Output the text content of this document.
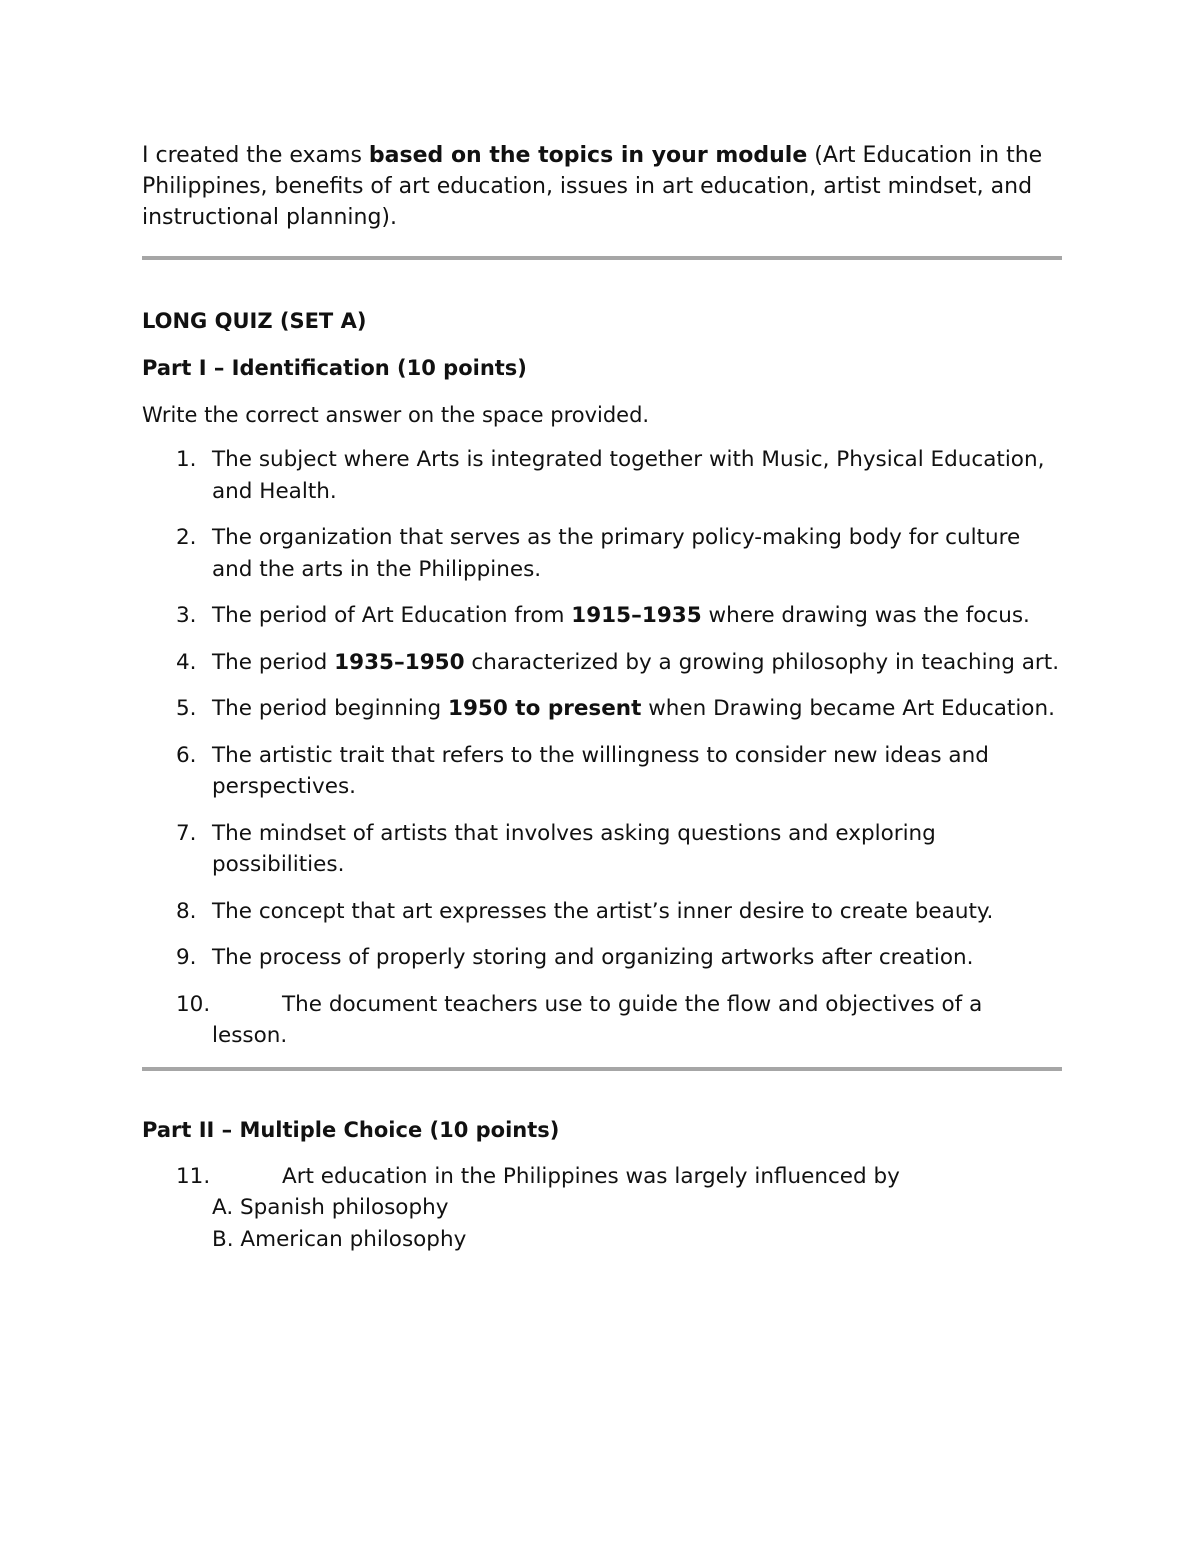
I created the exams based on the topics in your module (Art Education in the Philippines, benefits of art education, issues in art education, artist mindset, and instructional planning).

LONG QUIZ (SET A)
Part I – Identification (10 points)
Write the correct answer on the space provided.
1. The subject where Arts is integrated together with Music, Physical Education, and Health.
2. The organization that serves as the primary policy-making body for culture and the arts in the Philippines.
3. The period of Art Education from 1915–1935 where drawing was the focus.
4. The period 1935–1950 characterized by a growing philosophy in teaching art.
5. The period beginning 1950 to present when Drawing became Art Education.
6. The artistic trait that refers to the willingness to consider new ideas and perspectives.
7. The mindset of artists that involves asking questions and exploring possibilities.
8. The concept that art expresses the artist’s inner desire to create beauty.
9. The process of properly storing and organizing artworks after creation.
10.	The document teachers use to guide the flow and objectives of a lesson.
Part II – Multiple Choice (10 points)
11.	Art education in the Philippines was largely influenced by
A. Spanish philosophy
B. American philosophy
